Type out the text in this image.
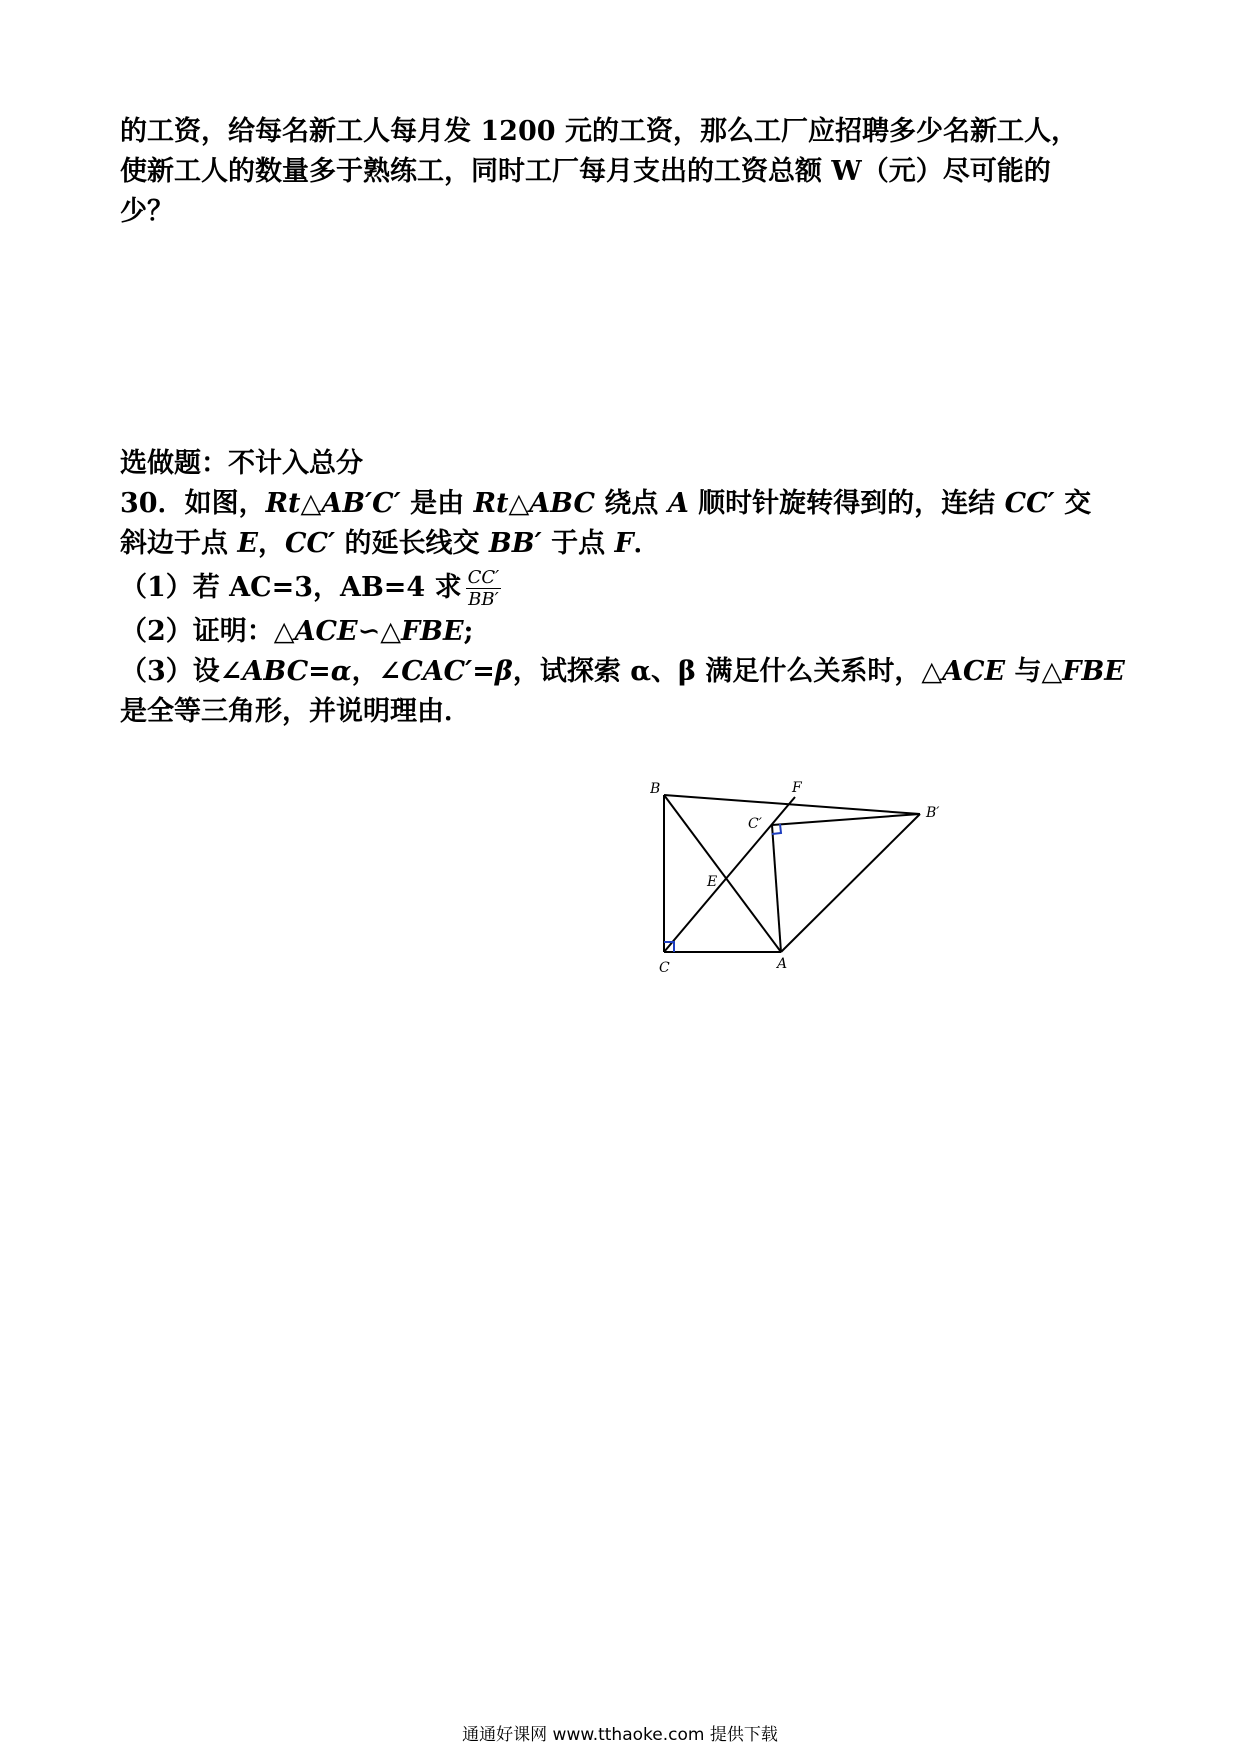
的工资，给每名新工人每月发 1200 元的工资，那么工厂应招聘多少名新工人，

使新工人的数量多于熟练工，同时工厂每月支出的工资总额 W（元）尽可能的

少？

选做题：不计入总分

30．如图，Rt△AB′C′ 是由 Rt△ABC 绕点 A 顺时针旋转得到的，连结 CC′ 交

斜边于点 E，CC′ 的延长线交 BB′ 于点 F．

（1）若 AC=3，AB=4 求 $\frac{CC'}{BB'}$

（2）证明：△ACE∽△FBE;

（3）设∠ABC=α，∠CAC′=β，试探索 α、β 满足什么关系时，△ACE 与△FBE

是全等三角形，并说明理由．

B	F
C′
B′
E
C	A
通通好课网 www.tthaoke.com 提供下载
